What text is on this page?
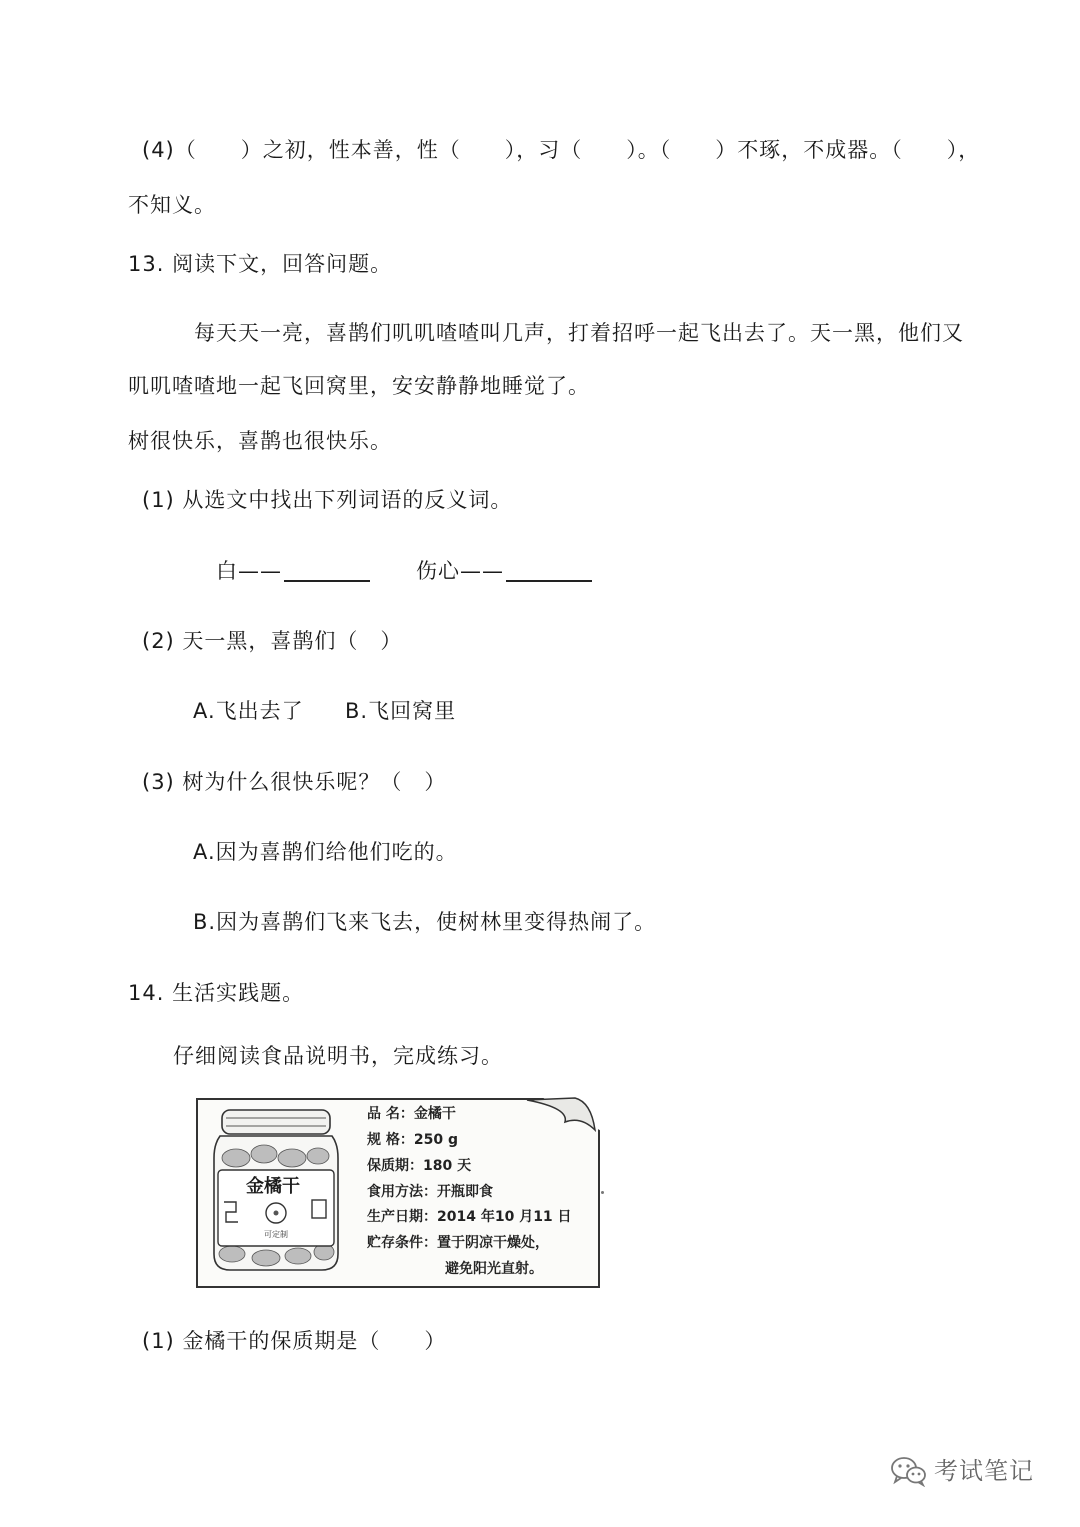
(4)（　　）之初，性本善，性（　　），习（　　）。（　　）不琢，不成器。（　　），
不知义。
13. 阅读下文，回答问题。
每天天一亮，喜鹊们叽叽喳喳叫几声，打着招呼一起飞出去了。天一黑，他们又
叽叽喳喳地一起飞回窝里，安安静静地睡觉了。
树很快乐，喜鹊也很快乐。
(1) 从选文中找出下列词语的反义词。
白——	伤心——
(2) 天一黑，喜鹊们（　）
A.飞出去了 B.飞回窝里
(3) 树为什么很快乐呢？（　）
A.因为喜鹊们给他们吃的。
B.因为喜鹊们飞来飞去，使树林里变得热闹了。
14. 生活实践题。
仔细阅读食品说明书，完成练习。
金橘干
可定制
品 名：金橘干
规 格：250 g
保质期：180 天
食用方法：开瓶即食
生产日期：2014 年10 月11 日
贮存条件：置于阴凉干燥处，
避免阳光直射。
(1) 金橘干的保质期是（　　）
考试笔记
